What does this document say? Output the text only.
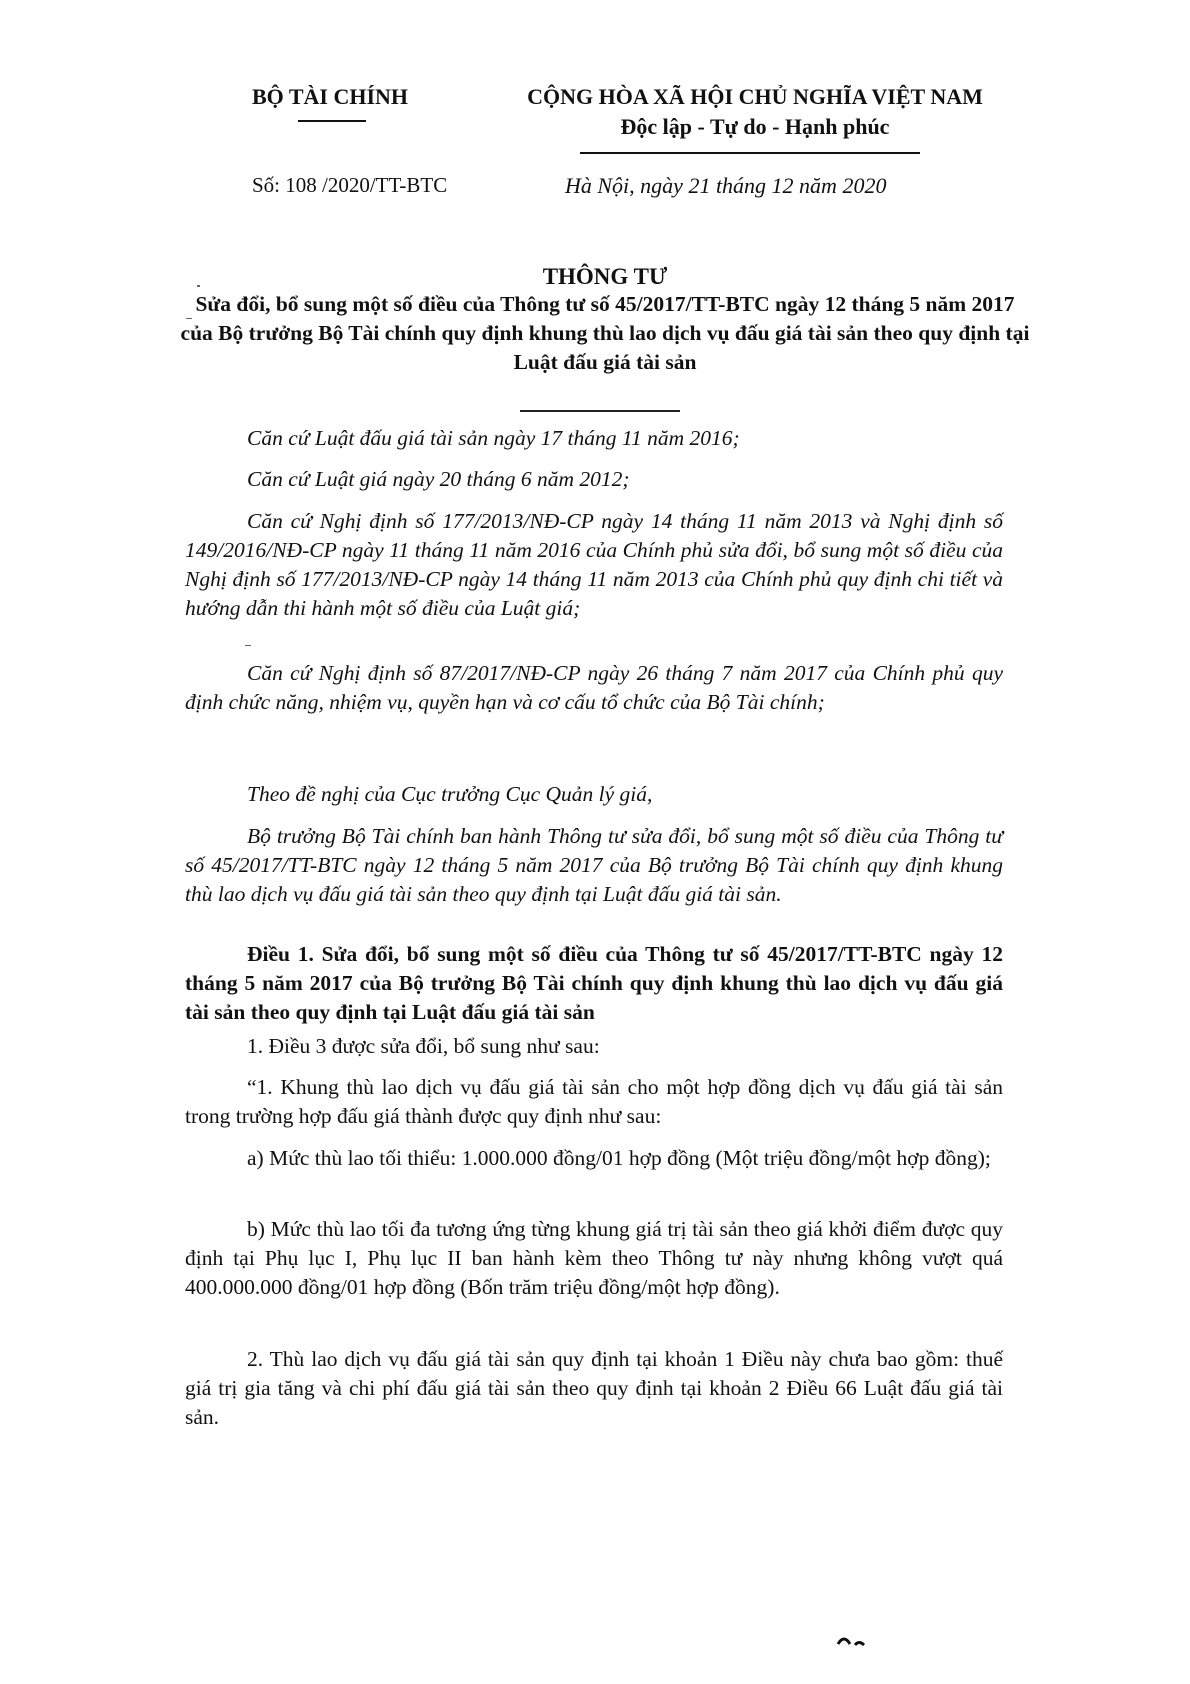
BỘ TÀI CHÍNH	CỘNG HÒA XÃ HỘI CHỦ NGHĨA VIỆT NAM
Độc lập - Tự do - Hạnh phúc
Số: 108 /2020/TT-BTC	Hà Nội, ngày 21 tháng 12 năm 2020
THÔNG TƯ
Sửa đổi, bổ sung một số điều của Thông tư số 45/2017/TT-BTC ngày 12 tháng 5 năm 2017 của Bộ trưởng Bộ Tài chính quy định khung thù lao dịch vụ đấu giá tài sản theo quy định tại Luật đấu giá tài sản
Căn cứ Luật đấu giá tài sản ngày 17 tháng 11 năm 2016;
Căn cứ Luật giá ngày 20 tháng 6 năm 2012;
Căn cứ Nghị định số 177/2013/NĐ-CP ngày 14 tháng 11 năm 2013 và Nghị định số 149/2016/NĐ-CP ngày 11 tháng 11 năm 2016 của Chính phủ sửa đổi, bổ sung một số điều của Nghị định số 177/2013/NĐ-CP ngày 14 tháng 11 năm 2013 của Chính phủ quy định chi tiết và hướng dẫn thi hành một số điều của Luật giá;
Căn cứ Nghị định số 87/2017/NĐ-CP ngày 26 tháng 7 năm 2017 của Chính phủ quy định chức năng, nhiệm vụ, quyền hạn và cơ cấu tổ chức của Bộ Tài chính;
Theo đề nghị của Cục trưởng Cục Quản lý giá,
Bộ trưởng Bộ Tài chính ban hành Thông tư sửa đổi, bổ sung một số điều của Thông tư số 45/2017/TT-BTC ngày 12 tháng 5 năm 2017 của Bộ trưởng Bộ Tài chính quy định khung thù lao dịch vụ đấu giá tài sản theo quy định tại Luật đấu giá tài sản.
Điều 1. Sửa đổi, bổ sung một số điều của Thông tư số 45/2017/TT-BTC ngày 12 tháng 5 năm 2017 của Bộ trưởng Bộ Tài chính quy định khung thù lao dịch vụ đấu giá tài sản theo quy định tại Luật đấu giá tài sản
1. Điều 3 được sửa đổi, bổ sung như sau:
“1. Khung thù lao dịch vụ đấu giá tài sản cho một hợp đồng dịch vụ đấu giá tài sản trong trường hợp đấu giá thành được quy định như sau:
a) Mức thù lao tối thiểu: 1.000.000 đồng/01 hợp đồng (Một triệu đồng/một hợp đồng);
b) Mức thù lao tối đa tương ứng từng khung giá trị tài sản theo giá khởi điểm được quy định tại Phụ lục I, Phụ lục II ban hành kèm theo Thông tư này nhưng không vượt quá 400.000.000 đồng/01 hợp đồng (Bốn trăm triệu đồng/một hợp đồng).
2. Thù lao dịch vụ đấu giá tài sản quy định tại khoản 1 Điều này chưa bao gồm: thuế giá trị gia tăng và chi phí đấu giá tài sản theo quy định tại khoản 2 Điều 66 Luật đấu giá tài sản.
